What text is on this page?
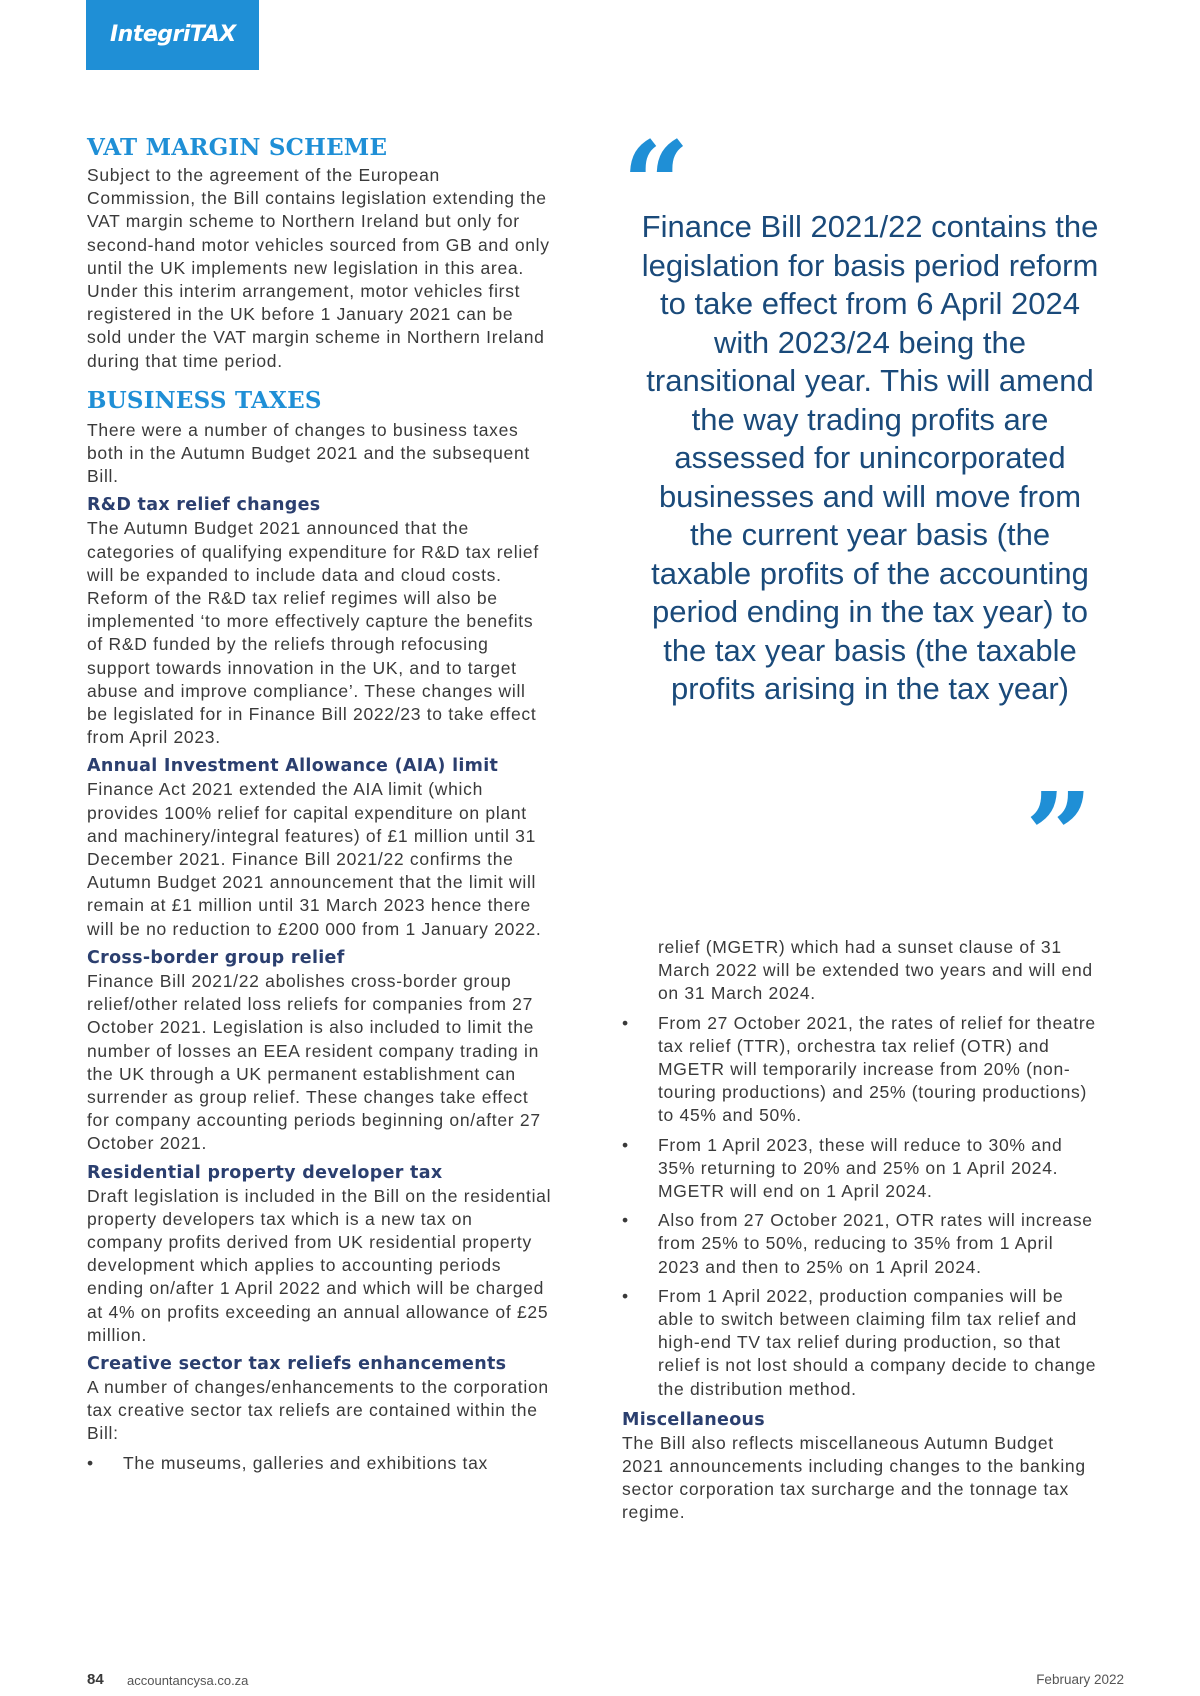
IntegriTAX
VAT MARGIN SCHEME

Subject to the agreement of the European Commission, the Bill contains legislation extending the VAT margin scheme to Northern Ireland but only for second-hand motor vehicles sourced from GB and only until the UK implements new legislation in this area. Under this interim arrangement, motor vehicles first registered in the UK before 1 January 2021 can be sold under the VAT margin scheme in Northern Ireland during that time period.

BUSINESS TAXES

There were a number of changes to business taxes both in the Autumn Budget 2021 and the subsequent Bill.

R&D tax relief changes

The Autumn Budget 2021 announced that the categories of qualifying expenditure for R&D tax relief will be expanded to include data and cloud costs. Reform of the R&D tax relief regimes will also be implemented ‘to more effectively capture the benefits of R&D funded by the reliefs through refocusing support towards innovation in the UK, and to target abuse and improve compliance’. These changes will be legislated for in Finance Bill 2022/23 to take effect from April 2023.

Annual Investment Allowance (AIA) limit

Finance Act 2021 extended the AIA limit (which provides 100% relief for capital expenditure on plant and machinery/integral features) of £1 million until 31 December 2021. Finance Bill 2021/22 confirms the Autumn Budget 2021 announcement that the limit will remain at £1 million until 31 March 2023 hence there will be no reduction to £200 000 from 1 January 2022.

Cross-border group relief

Finance Bill 2021/22 abolishes cross-border group relief/other related loss reliefs for companies from 27 October 2021. Legislation is also included to limit the number of losses an EEA resident company trading in the UK through a UK permanent establishment can surrender as group relief. These changes take effect for company accounting periods beginning on/after 27 October 2021.

Residential property developer tax

Draft legislation is included in the Bill on the residential property developers tax which is a new tax on company profits derived from UK residential property development which applies to accounting periods ending on/after 1 April 2022 and which will be charged at 4% on profits exceeding an annual allowance of £25 million.

Creative sector tax reliefs enhancements

A number of changes/enhancements to the corporation tax creative sector tax reliefs are contained within the Bill:

• The museums, galleries and exhibitions tax

“
Finance Bill 2021/22 contains the legislation for basis period reform to take effect from 6 April 2024 with 2023/24 being the transitional year. This will amend the way trading profits are assessed for unincorporated businesses and will move from the current year basis (the taxable profits of the accounting period ending in the tax year) to the tax year basis (the taxable profits arising in the tax year)
”

relief (MGETR) which had a sunset clause of 31 March 2022 will be extended two years and will end on 31 March 2024.

• From 27 October 2021, the rates of relief for theatre tax relief (TTR), orchestra tax relief (OTR) and MGETR will temporarily increase from 20% (non-touring productions) and 25% (touring productions) to 45% and 50%.

• From 1 April 2023, these will reduce to 30% and 35% returning to 20% and 25% on 1 April 2024. MGETR will end on 1 April 2024.

• Also from 27 October 2021, OTR rates will increase from 25% to 50%, reducing to 35% from 1 April 2023 and then to 25% on 1 April 2024.

• From 1 April 2022, production companies will be able to switch between claiming film tax relief and high-end TV tax relief during production, so that relief is not lost should a company decide to change the distribution method.

Miscellaneous

The Bill also reflects miscellaneous Autumn Budget 2021 announcements including changes to the banking sector corporation tax surcharge and the tonnage tax regime.

84 accountancysa.co.za	February 2022
